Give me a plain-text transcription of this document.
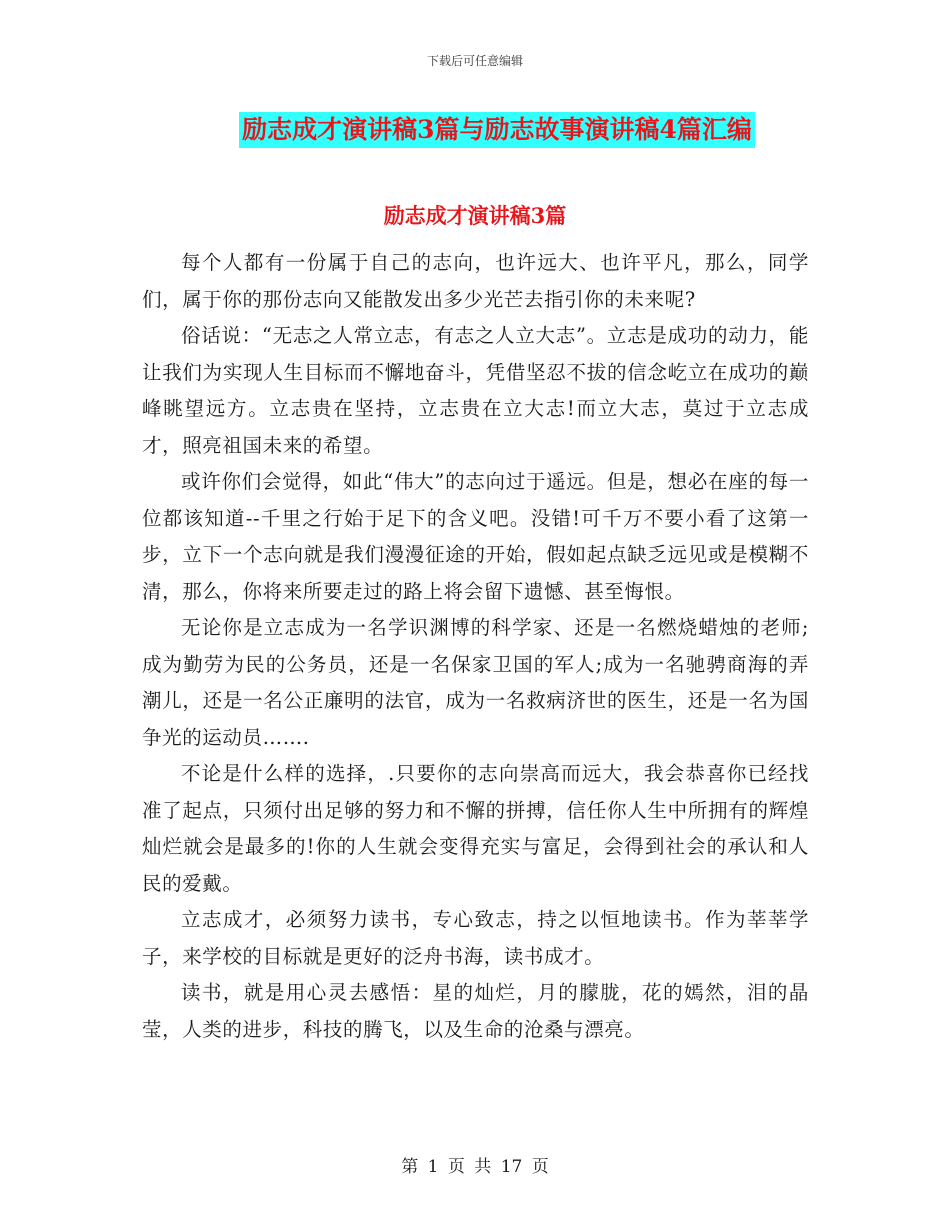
下载后可任意编辑
励志成才演讲稿3篇与励志故事演讲稿4篇汇编
励志成才演讲稿3篇

每个人都有一份属于自己的志向，也许远大、也许平凡，那么，同学们，属于你的那份志向又能散发出多少光芒去指引你的未来呢?

俗话说：“无志之人常立志，有志之人立大志”。立志是成功的动力，能让我们为实现人生目标而不懈地奋斗，凭借坚忍不拔的信念屹立在成功的巅峰眺望远方。立志贵在坚持，立志贵在立大志!而立大志，莫过于立志成才，照亮祖国未来的希望。

或许你们会觉得，如此“伟大”的志向过于遥远。但是，想必在座的每一位都该知道--千里之行始于足下的含义吧。没错!可千万不要小看了这第一步，立下一个志向就是我们漫漫征途的开始，假如起点缺乏远见或是模糊不清，那么，你将来所要走过的路上将会留下遗憾、甚至悔恨。

无论你是立志成为一名学识渊博的科学家、还是一名燃烧蜡烛的老师;成为勤劳为民的公务员，还是一名保家卫国的军人;成为一名驰骋商海的弄潮儿，还是一名公正廉明的法官，成为一名救病济世的医生，还是一名为国争光的运动员…….

不论是什么样的选择，.只要你的志向崇高而远大，我会恭喜你已经找准了起点，只须付出足够的努力和不懈的拼搏，信任你人生中所拥有的辉煌灿烂就会是最多的!你的人生就会变得充实与富足，会得到社会的承认和人民的爱戴。

立志成才，必须努力读书，专心致志，持之以恒地读书。作为莘莘学子，来学校的目标就是更好的泛舟书海，读书成才。

读书，就是用心灵去感悟：星的灿烂，月的朦胧，花的嫣然，泪的晶莹，人类的进步，科技的腾飞，以及生命的沧桑与漂亮。

第 1 页 共 17 页
